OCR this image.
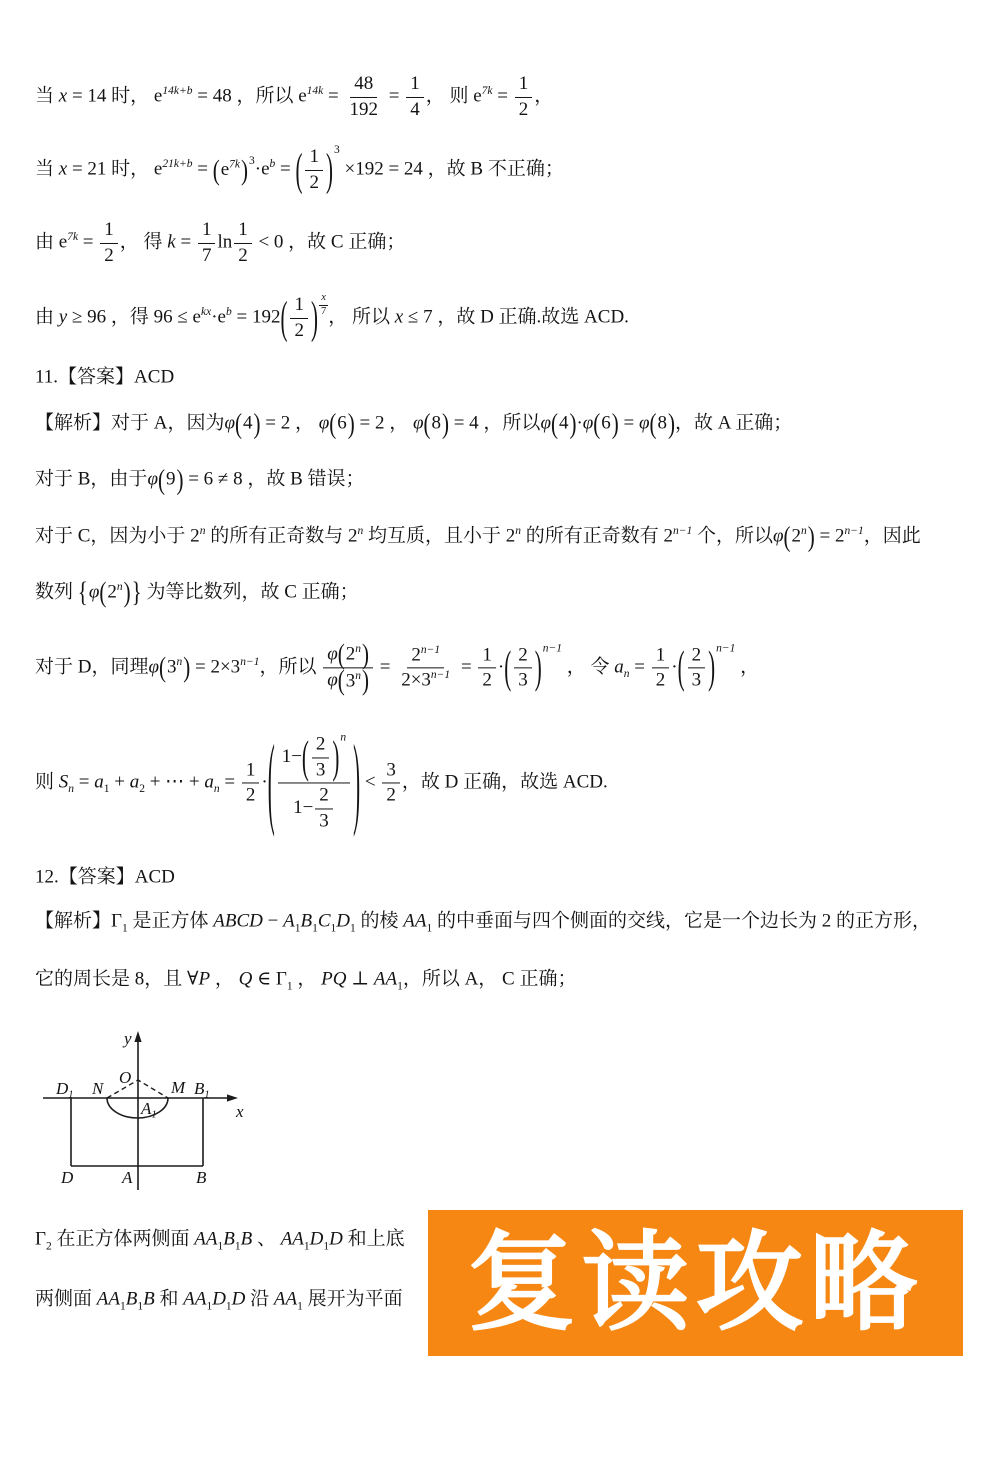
当 x = 14 时， $e^{14k+b} = 48$ ，所以 $e^{14k} = \frac{48}{192} = \frac{1}{4}$ ， 则 $e^{7k} = \frac{1}{2}$ ，
当 x = 21 时， $e^{21k+b}$ = ( $e^{7k}$ ) $3 \cdot e^b$ = ( $\frac{1}{2}$ ) 3
×192 = 24 ，故 B 不正确；
由 $e^{7k} = \frac{1}{2}$ ， 得 $k = \frac{1}{7}$ $\ln \frac{1}{2} < 0$ ，故 C 正确；
由 y ≥ 96 ，得 $96 \le e^{kx}\cdot e^b = 192$ ( $\frac{1}{2}$ ) $\frac{x}{7}$ ， 所以 x ≤ 7 ，故 D 正确.故选 ACD.
11.【答案】ACD
【解析】对于 A，因为φ ( 4 ) = 2 ， φ ( 6 ) = 2 ， φ ( 8 ) = 4 ，所以φ ( 4 ) ·φ ( 6 ) = φ ( 8 ) ，故 A 正确；
对于 B，由于φ ( 9 ) = 6 ≠ 8 ，故 B 错误；
对于 C，因为小于 2$^n$ 的所有正奇数与 2$^n$ 均互质，且小于 2$^n$ 的所有正奇数有 $2^{n-1}$ 个，所以φ ( 2$^n$ ) = $2^{n-1}$，因此
数列 { φ ( 2$^n$ ) } 为等比数列，故 C 正确；
对于 D，同理φ ( 3$^n$ ) = $2\times 3^{n-1}$，所以 $\frac{\varphi ( 2^n )}{\varphi ( 3^n )} = \frac{2^{n-1}}{2\times 3^{n-1}} = \frac{1}{2}$ · ( $\frac{2}{3}$ ) n−1
， 令 $a_n = \frac{1}{2}$ · ( $\frac{2}{3}$ ) n−1
，
则 $S_n = a_1 + a_2$ + ⋯ + $a_n = \frac{1}{2}$ · ( $\frac{1- ( \frac{2}{3} ) n}{1- \frac{2}{3}}$ ) < $\frac{3}{2}$ ，故 D 正确，故选 ACD.
12.【答案】ACD
【解析】$\Gamma_1$ 是正方体 ABCD − $A_1B_1C_1D_1$ 的棱 $AA_1$ 的中垂面与四个侧面的交线，它是一个边长为 2 的正方形，
它的周长是 8，且 ∀P ， Q ∈ $\Gamma_1$ ， PQ ⊥ $AA_1$，所以 A， C 正确；
$\Gamma_2$ 在正方体两侧面 $AA_1B_1B$ 、 $AA_1D_1D$ 和上底
两侧面 $AA_1B_1B$ 和 $AA_1D_1D$ 沿 $AA_1$ 展开为平面
y
x
O
N	M
$D_1$	$B_1$
$A_1$
D	A	B
复读攻略
